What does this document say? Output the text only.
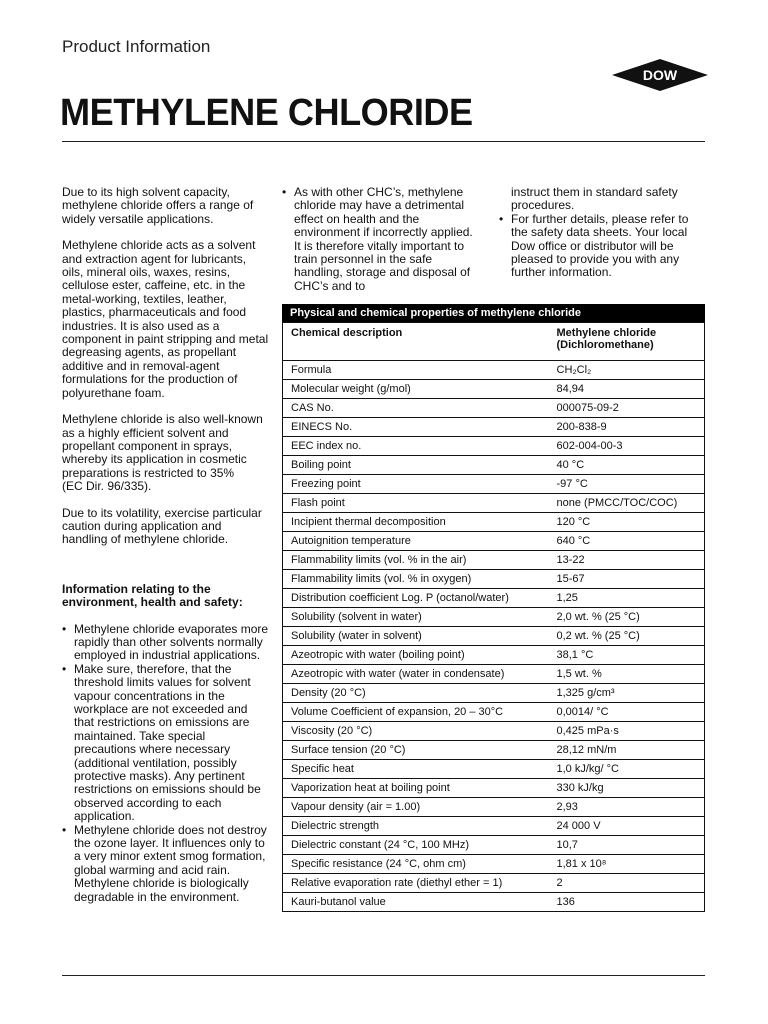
Product Information
DOW
METHYLENE CHLORIDE

Due to its high solvent capacity, methylene chloride offers a range of widely versatile applications.

Methylene chloride acts as a solvent and extraction agent for lubricants, oils, mineral oils, waxes, resins, cellulose ester, caffeine, etc. in the metal-working, textiles, leather, plastics, pharmaceuticals and food industries. It is also used as a component in paint stripping and metal degreasing agents, as propellant additive and in removal-agent formulations for the production of polyurethane foam.

Methylene chloride is also well-known as a highly efficient solvent and propellant component in sprays, whereby its application in cosmetic preparations is restricted to 35%

(EC Dir. 96/335).

Due to its volatility, exercise particular caution during application and handling of methylene chloride.

Information relating to the environment, health and safety:
• Methylene chloride evaporates more rapidly than other solvents normally employed in industrial applications.
• Make sure, therefore, that the threshold limits values for solvent vapour concentrations in the workplace are not exceeded and that restrictions on emissions are maintained. Take special precautions where necessary (additional ventilation, possibly protective masks). Any pertinent restrictions on emissions should be observed according to each application.
• Methylene chloride does not destroy the ozone layer. It influences only to a very minor extent smog formation, global warming and acid rain. Methylene chloride is biologically degradable in the environment.
• As with other CHC’s, methylene chloride may have a detrimental effect on health and the environment if incorrectly applied. It is therefore vitally important to train personnel in the safe handling, storage and disposal of CHC’s and to
instruct them in standard safety procedures.
• For further details, please refer to the safety data sheets. Your local Dow office or distributor will be pleased to provide you with any further information.
Physical and chemical properties of methylene chloride
Chemical description	Methylene chloride (Dichloromethane)
Formula	CH₂Cl₂
Molecular weight (g/mol)	84,94
CAS No.	000075-09-2
EINECS No.	200-838-9
EEC index no.	602-004-00-3
Boiling point	40 °C
Freezing point	-97 °C
Flash point	none (PMCC/TOC/COC)
Incipient thermal decomposition	120 °C
Autoignition temperature	640 °C
Flammability limits (vol. % in the air)	13-22
Flammability limits (vol. % in oxygen)	15-67
Distribution coefficient Log. P (octanol/water)	1,25
Solubility (solvent in water)	2,0 wt. % (25 °C)
Solubility (water in solvent)	0,2 wt. % (25 °C)
Azeotropic with water (boiling point)	38,1 °C
Azeotropic with water (water in condensate)	1,5 wt. %
Density (20 °C)	1,325 g/cm³
Volume Coefficient of expansion, 20 – 30°C	0,0014/ °C
Viscosity (20 °C)	0,425 mPa·s
Surface tension (20 °C)	28,12 mN/m
Specific heat	1,0 kJ/kg/ °C
Vaporization heat at boiling point	330 kJ/kg
Vapour density (air = 1.00)	2,93
Dielectric strength	24 000 V
Dielectric constant (24 °C, 100 MHz)	10,7
Specific resistance (24 °C, ohm cm)	1,81 x 10⁸
Relative evaporation rate (diethyl ether = 1)	2
Kauri-butanol value	136
